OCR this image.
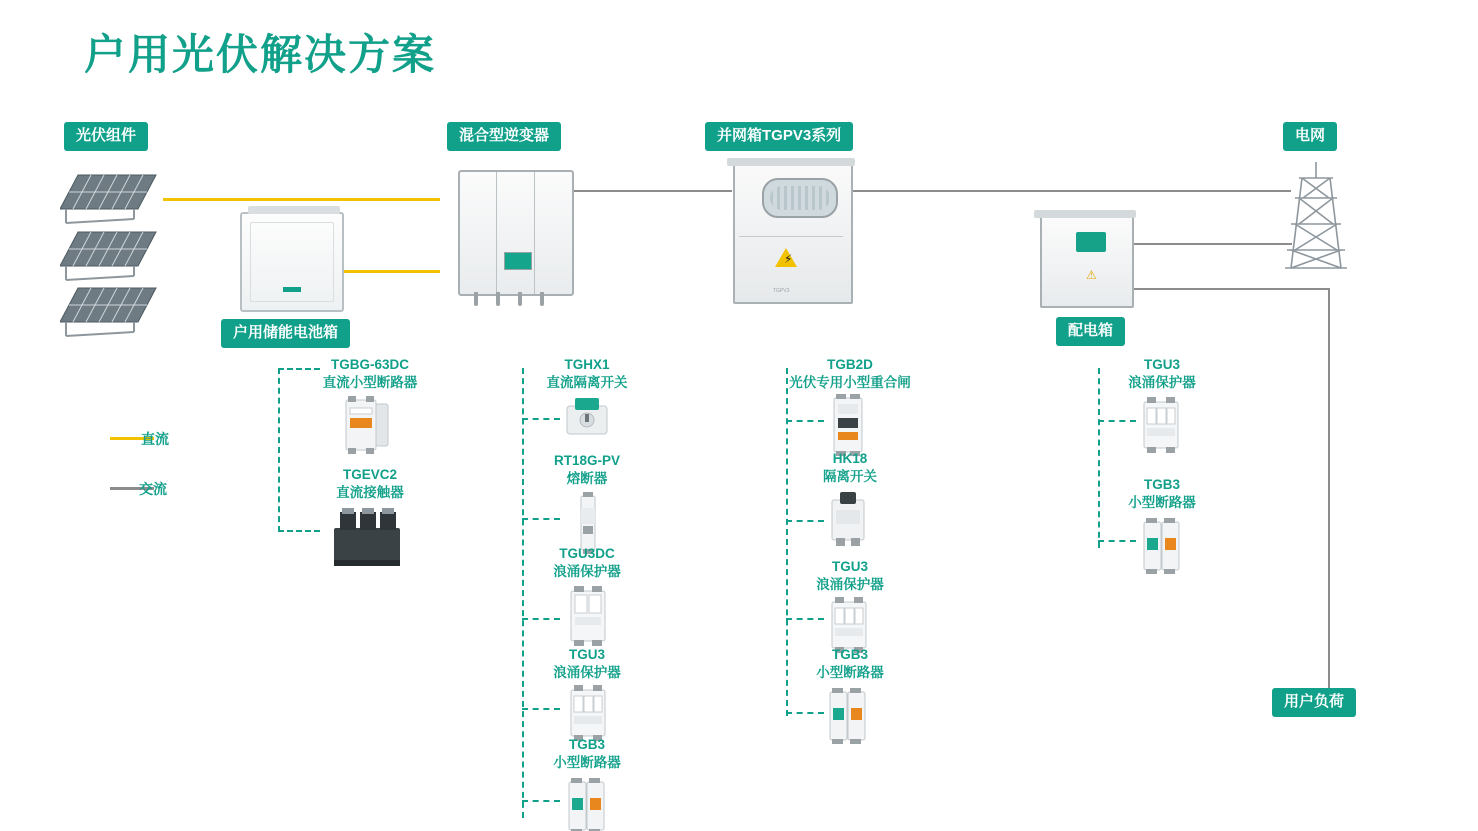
户用光伏解决方案
光伏组件	混合型逆变器	并网箱TGPV3系列	电网
户用储能电池箱	配电箱
用户负荷
⚡
TGPV3
⚠
直流
交流
TGBG-63DC
直流小型断路器
TGEVC2
直流接触器
TGHX1
直流隔离开关
RT18G-PV
熔断器
TGU3DC
浪涌保护器
TGU3
浪涌保护器
TGB3
小型断路器
TGB2D
光伏专用小型重合闸
HK18
隔离开关
TGU3
浪涌保护器
TGB3
小型断路器
TGU3
浪涌保护器
TGB3
小型断路器
